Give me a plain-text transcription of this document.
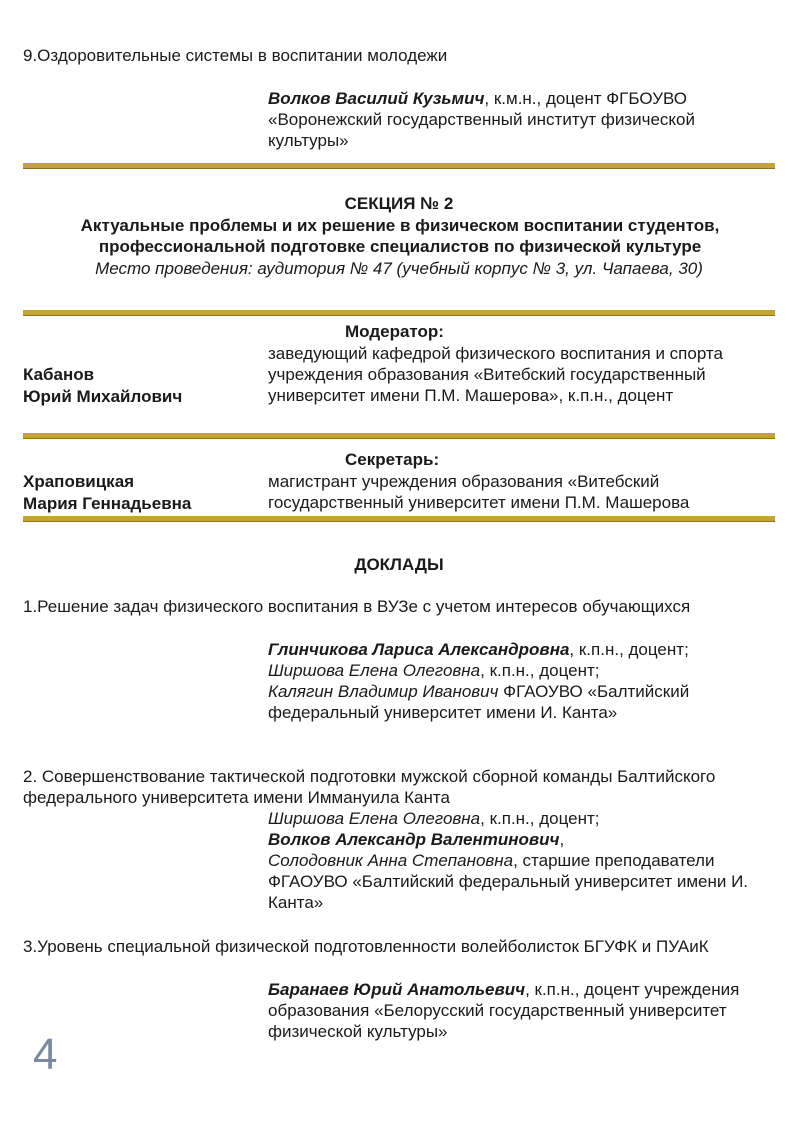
9.Оздоровительные системы в воспитании молодежи
Волков Василий Кузьмич, к.м.н., доцент ФГБОУВО «Воронежский государственный институт физической культуры»
СЕКЦИЯ № 2
Актуальные проблемы и их решение в физическом воспитании студентов, профессиональной подготовке специалистов по физической культуре
Место проведения: аудитория № 47 (учебный корпус № 3, ул. Чапаева, 30)
Модератор:
Кабанов
Юрий Михайлович
заведующий кафедрой физического воспитания и спорта учреждения образования «Витебский государственный университет имени П.М. Машерова», к.п.н., доцент
Секретарь:
Храповицкая
Мария Геннадьевна
магистрант учреждения образования «Витебский государственный университет имени П.М. Машерова
ДОКЛАДЫ
1.Решение задач физического воспитания в ВУЗе с учетом интересов обучающихся
Глинчикова Лариса Александровна, к.п.н., доцент;
Ширшова Елена Олеговна, к.п.н., доцент;
Калягин Владимир Иванович ФГАОУВО «Балтийский федеральный университет имени И. Канта»
2. Совершенствование тактической подготовки мужской сборной команды Балтийского федерального университета имени Иммануила Канта
Ширшова Елена Олеговна, к.п.н., доцент;
Волков Александр Валентинович,
Солодовник Анна Степановна, старшие преподаватели ФГАОУВО «Балтийский федеральный университет имени И. Канта»
3.Уровень специальной физической подготовленности волейболисток БГУФК и ПУАиК
Баранаев Юрий Анатольевич, к.п.н., доцент учреждения образования «Белорусский государственный университет физической культуры»
4
